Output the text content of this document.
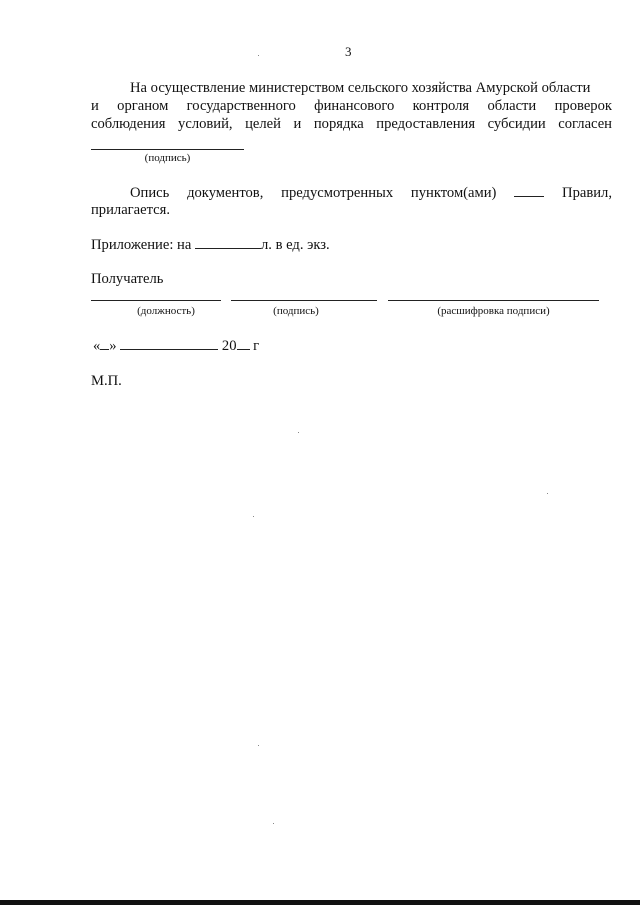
3
На осуществление министерством сельского хозяйства Амурской области
и органом государственного финансового контроля области проверок
соблюдения условий, целей и порядка предоставления субсидии согласен
(подпись)
Опись документов, предусмотренных пунктом(ами)	Правил,
прилагается.
Приложение: на	л. в ед. экз.
Получатель
(должность)	(подпись)	(расшифровка подписи)
« »	20 г
М.П.
